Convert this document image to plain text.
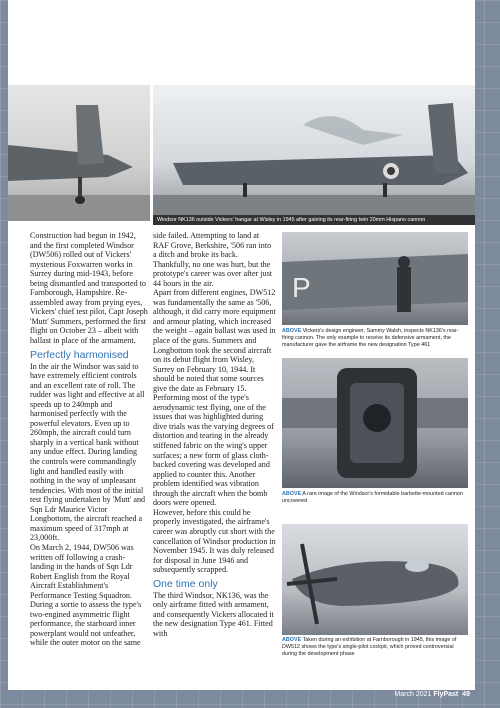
Windsor NK136 outside Vickers' hangar at Wisley in 1945 after gaining its rear-firing twin 20mm Hispano cannon

Construction had begun in 1942, and the first completed Windsor (DW506) rolled out of Vickers' mysterious Foxwarren works in Surrey during mid-1943, before being dismantled and transported to Farnborough, Hampshire. Re-assembled away from prying eyes, Vickers' chief test pilot, Capt Joseph 'Mutt' Summers, performed the first flight on October 23 – albeit with ballast in place of the armament.

Perfectly harmonised

In the air the Windsor was said to have extremely efficient controls and an excellent rate of roll. The rudder was light and effective at all speeds up to 240mph and harmonised perfectly with the powerful elevators. Even up to 260mph, the aircraft could turn sharply in a vertical bank without any undue effect. During landing the controls were commandingly light and handled easily with nothing in the way of unpleasant tendencies. With most of the initial test flying undertaken by 'Mutt' and Sqn Ldr Maurice Victor Longbottom, the aircraft reached a maximum speed of 317mph at 23,000ft.

On March 2, 1944, DW506 was written off following a crash-landing in the hands of Sqn Ldr Robert English from the Royal Aircraft Establishment's Performance Testing Squadron. During a sortie to assess the type's two-engined asymmetric flight performance, the starboard inner powerplant would not unfeather, while the outer motor on the same

side failed. Attempting to land at RAF Grove, Berkshire, '506 ran into a ditch and broke its back. Thankfully, no one was hurt, but the prototype's career was over after just 44 hours in the air.

Apart from different engines, DW512 was fundamentally the same as '506, although, it did carry more equipment and armour plating, which increased the weight – again ballast was used in place of the guns. Summers and Longbottom took the second aircraft on its debut flight from Wisley, Surrey on February 10, 1944. It should be noted that some sources give the date as February 15.

Performing most of the type's aerodynamic test flying, one of the issues that was highlighted during dive trials was the varying degrees of distortion and tearing in the already stiffened fabric on the wing's upper surfaces; a new form of glass cloth-backed covering was developed and applied to counter this. Another problem identified was vibration through the aircraft when the bomb doors were opened.

However, before this could be properly investigated, the airframe's career was abruptly cut short with the cancellation of Windsor production in November 1945. It was duly released for disposal in June 1946 and subsequently scrapped.

One time only

The third Windsor, NK136, was the only airframe fitted with armament, and consequently Vickers allocated it the new designation Type 461. Fitted with

P
ABOVE Vickers's design engineer, Sammy Walsh, inspects NK136's rear-firing cannon. The only example to receive its defensive armament, the manufacturer gave the airframe the new designation Type 461
ABOVE A rare image of the Windsor's formidable barbette-mounted cannon uncovered
ABOVE Taken during an exhibition at Farnborough in 1945, this image of DW512 shows the type's single-pilot cockpit, which proved controversial during the development phase
March 2021 FlyPast 49
